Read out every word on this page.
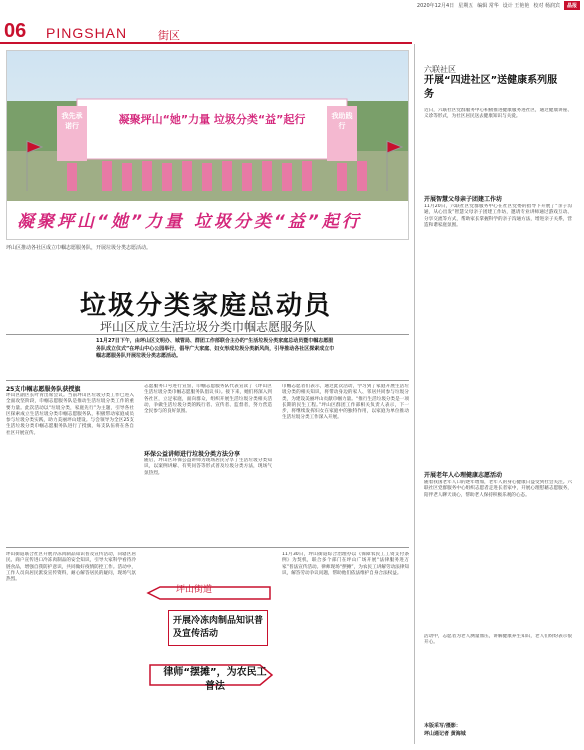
2020年12月4日 星期五 编辑 常华 设计 王艳艳 校对 杨润宾	晶报
06 PINGSHAN	街区
凝聚坪山“她”力量 垃圾分类“益”起行
我先承诺行
我助践行
凝聚坪山“她”力量 垃圾分类“益”起行
坪山区推动各社区成立巾帼志愿服务队，开展垃圾分类志愿活动。
垃圾分类家庭总动员
坪山区成立生活垃圾分类巾帼志愿服务队
11月27日下午，由坪山区文明办、城管局、群团工作部联合主办的“生活垃圾分类家庭总动员暨巾帼志愿服务队成立仪式”在坪山中心公园举行，倡导广大家庭、妇女形成垃圾分类新风尚，引导推动各社区探索成立巾帼志愿服务队开展垃圾分类志愿活动。
25支巾帼志愿服务队获授旗
坪山区副区长叶青出席会议。当前坪山区垃圾分类工作已进入全面攻坚阶段，巾帼志愿服务队是推动生活垃圾分类工作的重要力量。此次活动以“垃圾分类，家庭先行”为主题，引导各社区探索成立生活垃圾分类巾帼志愿服务队，积极带动家庭成员参与垃圾分类实践，助力美丽坪山建设。与会领导为全区25支生活垃圾分类巾帼志愿服务队进行了授旗，每支队伍将在各自社区开展宣传。
志愿服务口号进行宣誓，巾帼志愿服务队代表宣读了《坪山区生活垃圾分类巾帼志愿服务队倡议书》。接下来，她们将深入到各社区，立足家庭，面向群众，组织开展生活垃圾分类相关活动，争做生活垃圾分类的践行者、宣传者、监督者，努力营造全民参与的良好氛围。
环保公益讲师进行垃圾分类方法分享
随后，坪山区环保公益讲师为现场居民分享了生活垃圾分类知识，以案例讲解、有奖问答等形式普及垃圾分类方法，现场气氛热烈。
巾帼志愿者们表示，通过此次活动，学习到了家庭开展生活垃圾分类的相关知识，将带动身边的家人、邻居共同参与垃圾分类，为建设美丽坪山贡献巾帼力量。“推行生活垃圾分类是一项长期的民生工程。”坪山区群团工作部相关负责人表示，下一步，将继续发挥妇女在家庭中的独特作用，以家庭为单位推动生活垃圾分类工作深入开展。
坪山街道联合社区开展冷冻肉制品知识普及宣传活动，向辖区居民、商户宣传进口冷冻肉制品的安全知识，引导大家科学看待冷链食品，增强自我防护意识，共同做好疫情防控工作。活动中，工作人员向居民派发宣传资料，耐心解答居民的疑问，现场气氛热烈。
11月30日，坪山街道综合治理办以《保障农民工工资支付条例》为契机，联合多个部门在坪山广场开展“法律服务进万家”普法宣传活动。律师现场“摆摊”，为农民工讲解劳动法律知识，解答劳动争议问题，帮助他们依法维护自身合法权益。
坪山街道
开展冷冻肉制品知识普及宣传活动
律师“摆摊”，为农民工普法
六联社区
开展“四进社区”送健康系列服务
近日，六联社区党群服务中心积极推进健康服务进社区，通过健康讲座、义诊等形式，为社区居民送去健康知识与关爱。
开展智慧父母亲子团建工作坊
11月20日，六联社区党群服务中心在社区党委的指导下开展了“亲子沟通，从心出发”智慧父母亲子团建工作坊，邀请专业讲师通过游戏互动、分享交流等方式，帮助家长掌握科学的亲子沟通方法，增进亲子关系，营造和谐家庭氛围。
开展老年人心理健康志愿活动
随着我国老年人口的逐年增加，老年人的身心健康日益受到社会关注。六联社区党群服务中心组织志愿者走进长者家中，开展心理慰藉志愿服务，陪伴老人聊天谈心，帮助老人保持积极乐观的心态。
活动中，志愿者为老人测量血压，讲解健康养生知识，老人们纷纷表示很开心。
本版采写/摄影：
坪山通记者 黄海城
